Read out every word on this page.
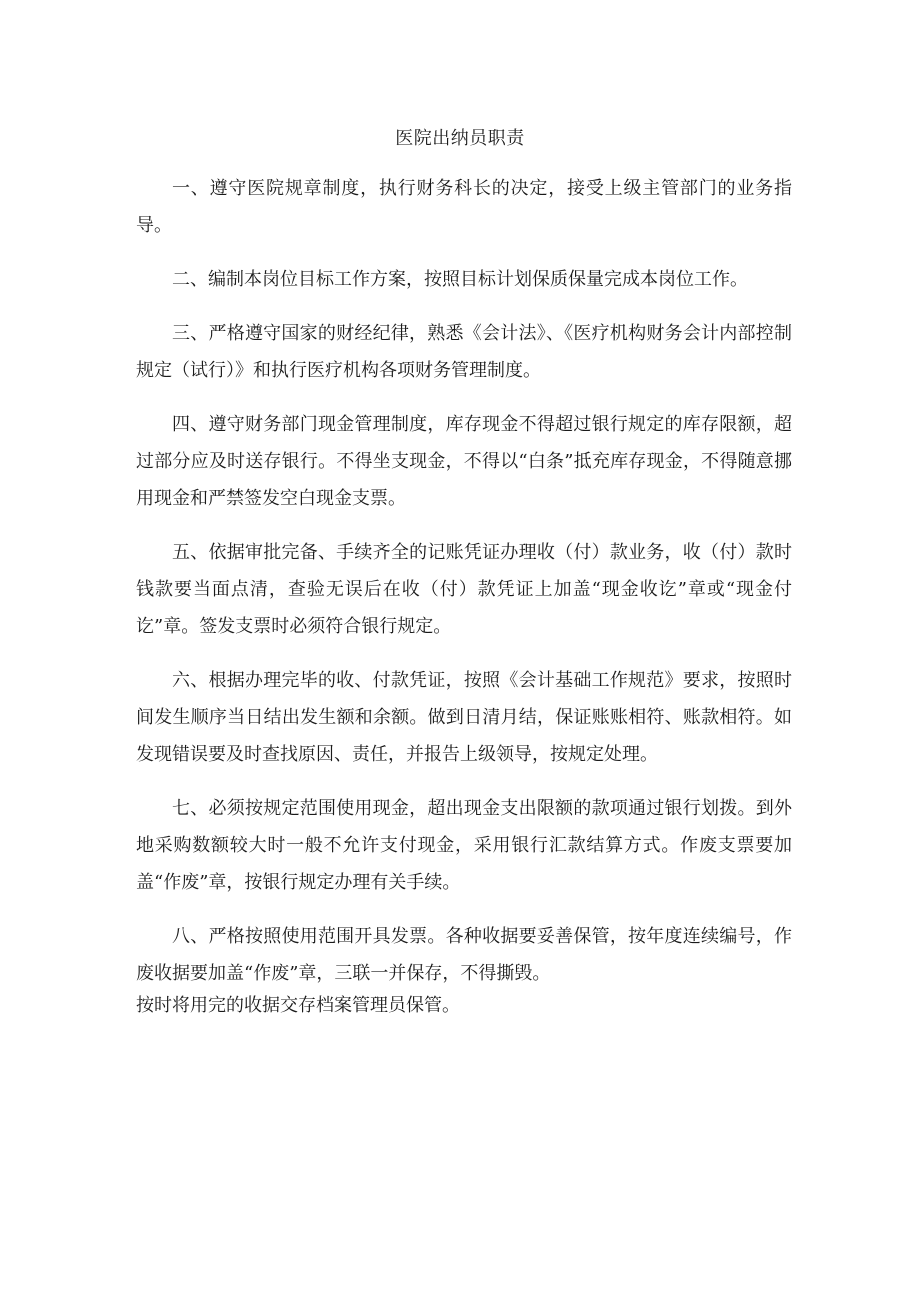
医院出纳员职责

一、遵守医院规章制度，执行财务科长的决定，接受上级主管部门的业务指导。

二、编制本岗位目标工作方案，按照目标计划保质保量完成本岗位工作。

三、严格遵守国家的财经纪律，熟悉《会计法》、《医疗机构财务会计内部控制规定（试行）》和执行医疗机构各项财务管理制度。

四、遵守财务部门现金管理制度，库存现金不得超过银行规定的库存限额，超过部分应及时送存银行。不得坐支现金，不得以“白条”抵充库存现金，不得随意挪用现金和严禁签发空白现金支票。

五、依据审批完备、手续齐全的记账凭证办理收（付）款业务，收（付）款时钱款要当面点清，查验无误后在收（付）款凭证上加盖“现金收讫”章或“现金付讫”章。签发支票时必须符合银行规定。

六、根据办理完毕的收、付款凭证，按照《会计基础工作规范》要求，按照时间发生顺序当日结出发生额和余额。做到日清月结，保证账账相符、账款相符。如发现错误要及时查找原因、责任，并报告上级领导，按规定处理。

七、必须按规定范围使用现金，超出现金支出限额的款项通过银行划拨。到外地采购数额较大时一般不允许支付现金，采用银行汇款结算方式。作废支票要加盖“作废”章，按银行规定办理有关手续。

八、严格按照使用范围开具发票。各种收据要妥善保管，按年度连续编号，作废收据要加盖“作废”章，三联一并保存，不得撕毁。

按时将用完的收据交存档案管理员保管。
